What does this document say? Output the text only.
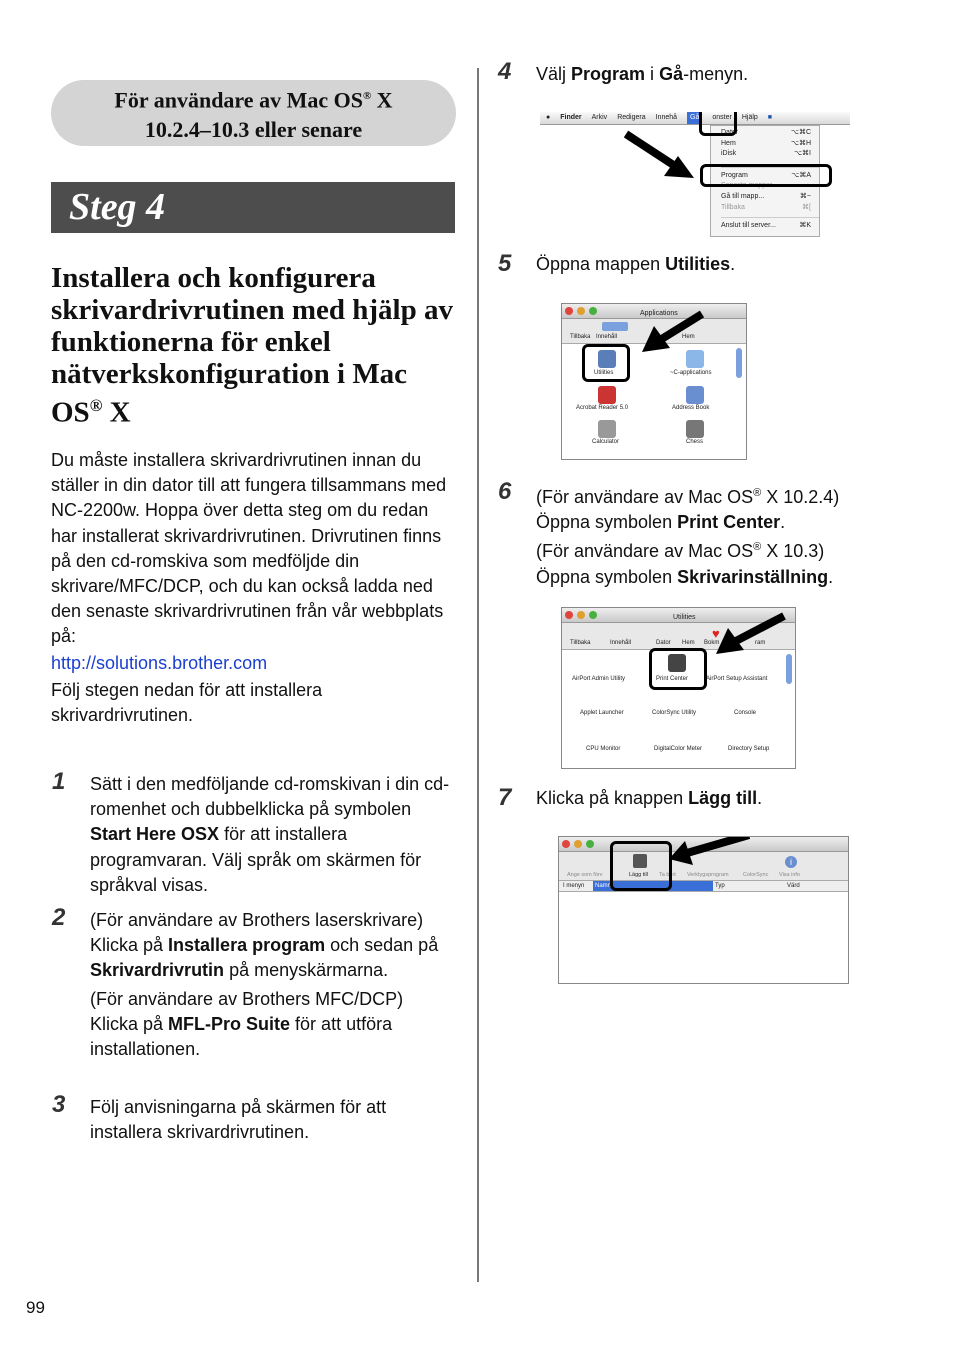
För användare av Mac OS® X
10.2.4–10.3 eller senare
Steg 4
Installera och konfigurera skrivardrivrutinen med hjälp av funktionerna för enkel nätverkskonfiguration i Mac OS® X
Du måste installera skrivardrivrutinen innan du ställer in din dator till att fungera tillsammans med NC-2200w. Hoppa över detta steg om du redan har installerat skrivardrivrutinen. Drivrutinen finns på den cd-romskiva som medföljde din skrivare/MFC/DCP, och du kan också ladda ned den senaste skrivardrivrutinen från vår webbplats på:
http://solutions.brother.com
Följ stegen nedan för att installera skrivardrivrutinen.
1 Sätt i den medföljande cd-romskivan i din cd-romenhet och dubbelklicka på symbolen Start Here OSX för att installera programvaran. Välj språk om skärmen för språkval visas.
2 (För användare av Brothers laserskrivare) Klicka på Installera program och sedan på Skrivardrivrutin på menyskärmarna.
(För användare av Brothers MFC/DCP) Klicka på MFL-Pro Suite för att utföra installationen.
3 Följ anvisningarna på skärmen för att installera skrivardrivrutinen.
4 Välj Program i Gå-menyn.
● Finder Arkiv Redigera Innehå	Gå	onster Hjälp ■
Dator	⌥⌘C
Hem	⌥⌘H
iDisk	⌥⌘I
Program	⌥⌘A
Senaste mappar	▸
Gå till mapp...	⌘~
Tillbaka	⌘[
Anslut till server...	⌘K
5 Öppna mappen Utilities.
Applications
Tillbaka Innehåll	Hem
Utilities	~C-applications
Acrobat Reader 5.0	Address Book
Calculator	Chess
6 (För användare av Mac OS® X 10.2.4)
Öppna symbolen Print Center.
(För användare av Mac OS® X 10.3)
Öppna symbolen Skrivarinställning.
Utilities
Tillbaka	Innehåll	Dator Hem Bokm	ram
♥
AirPort Admin Utility	Print Center	AirPort Setup Assistant
Applet Launcher	ColorSync Utility	Console
CPU Monitor	DigitalColor Meter	Directory Setup
7 Klicka på knappen Lägg till.
Ange som förv	Lägg till Ta bort Verktygsprogram	ColorSync Visa info
i
I menyn	Namn	Typ	Värd
99
